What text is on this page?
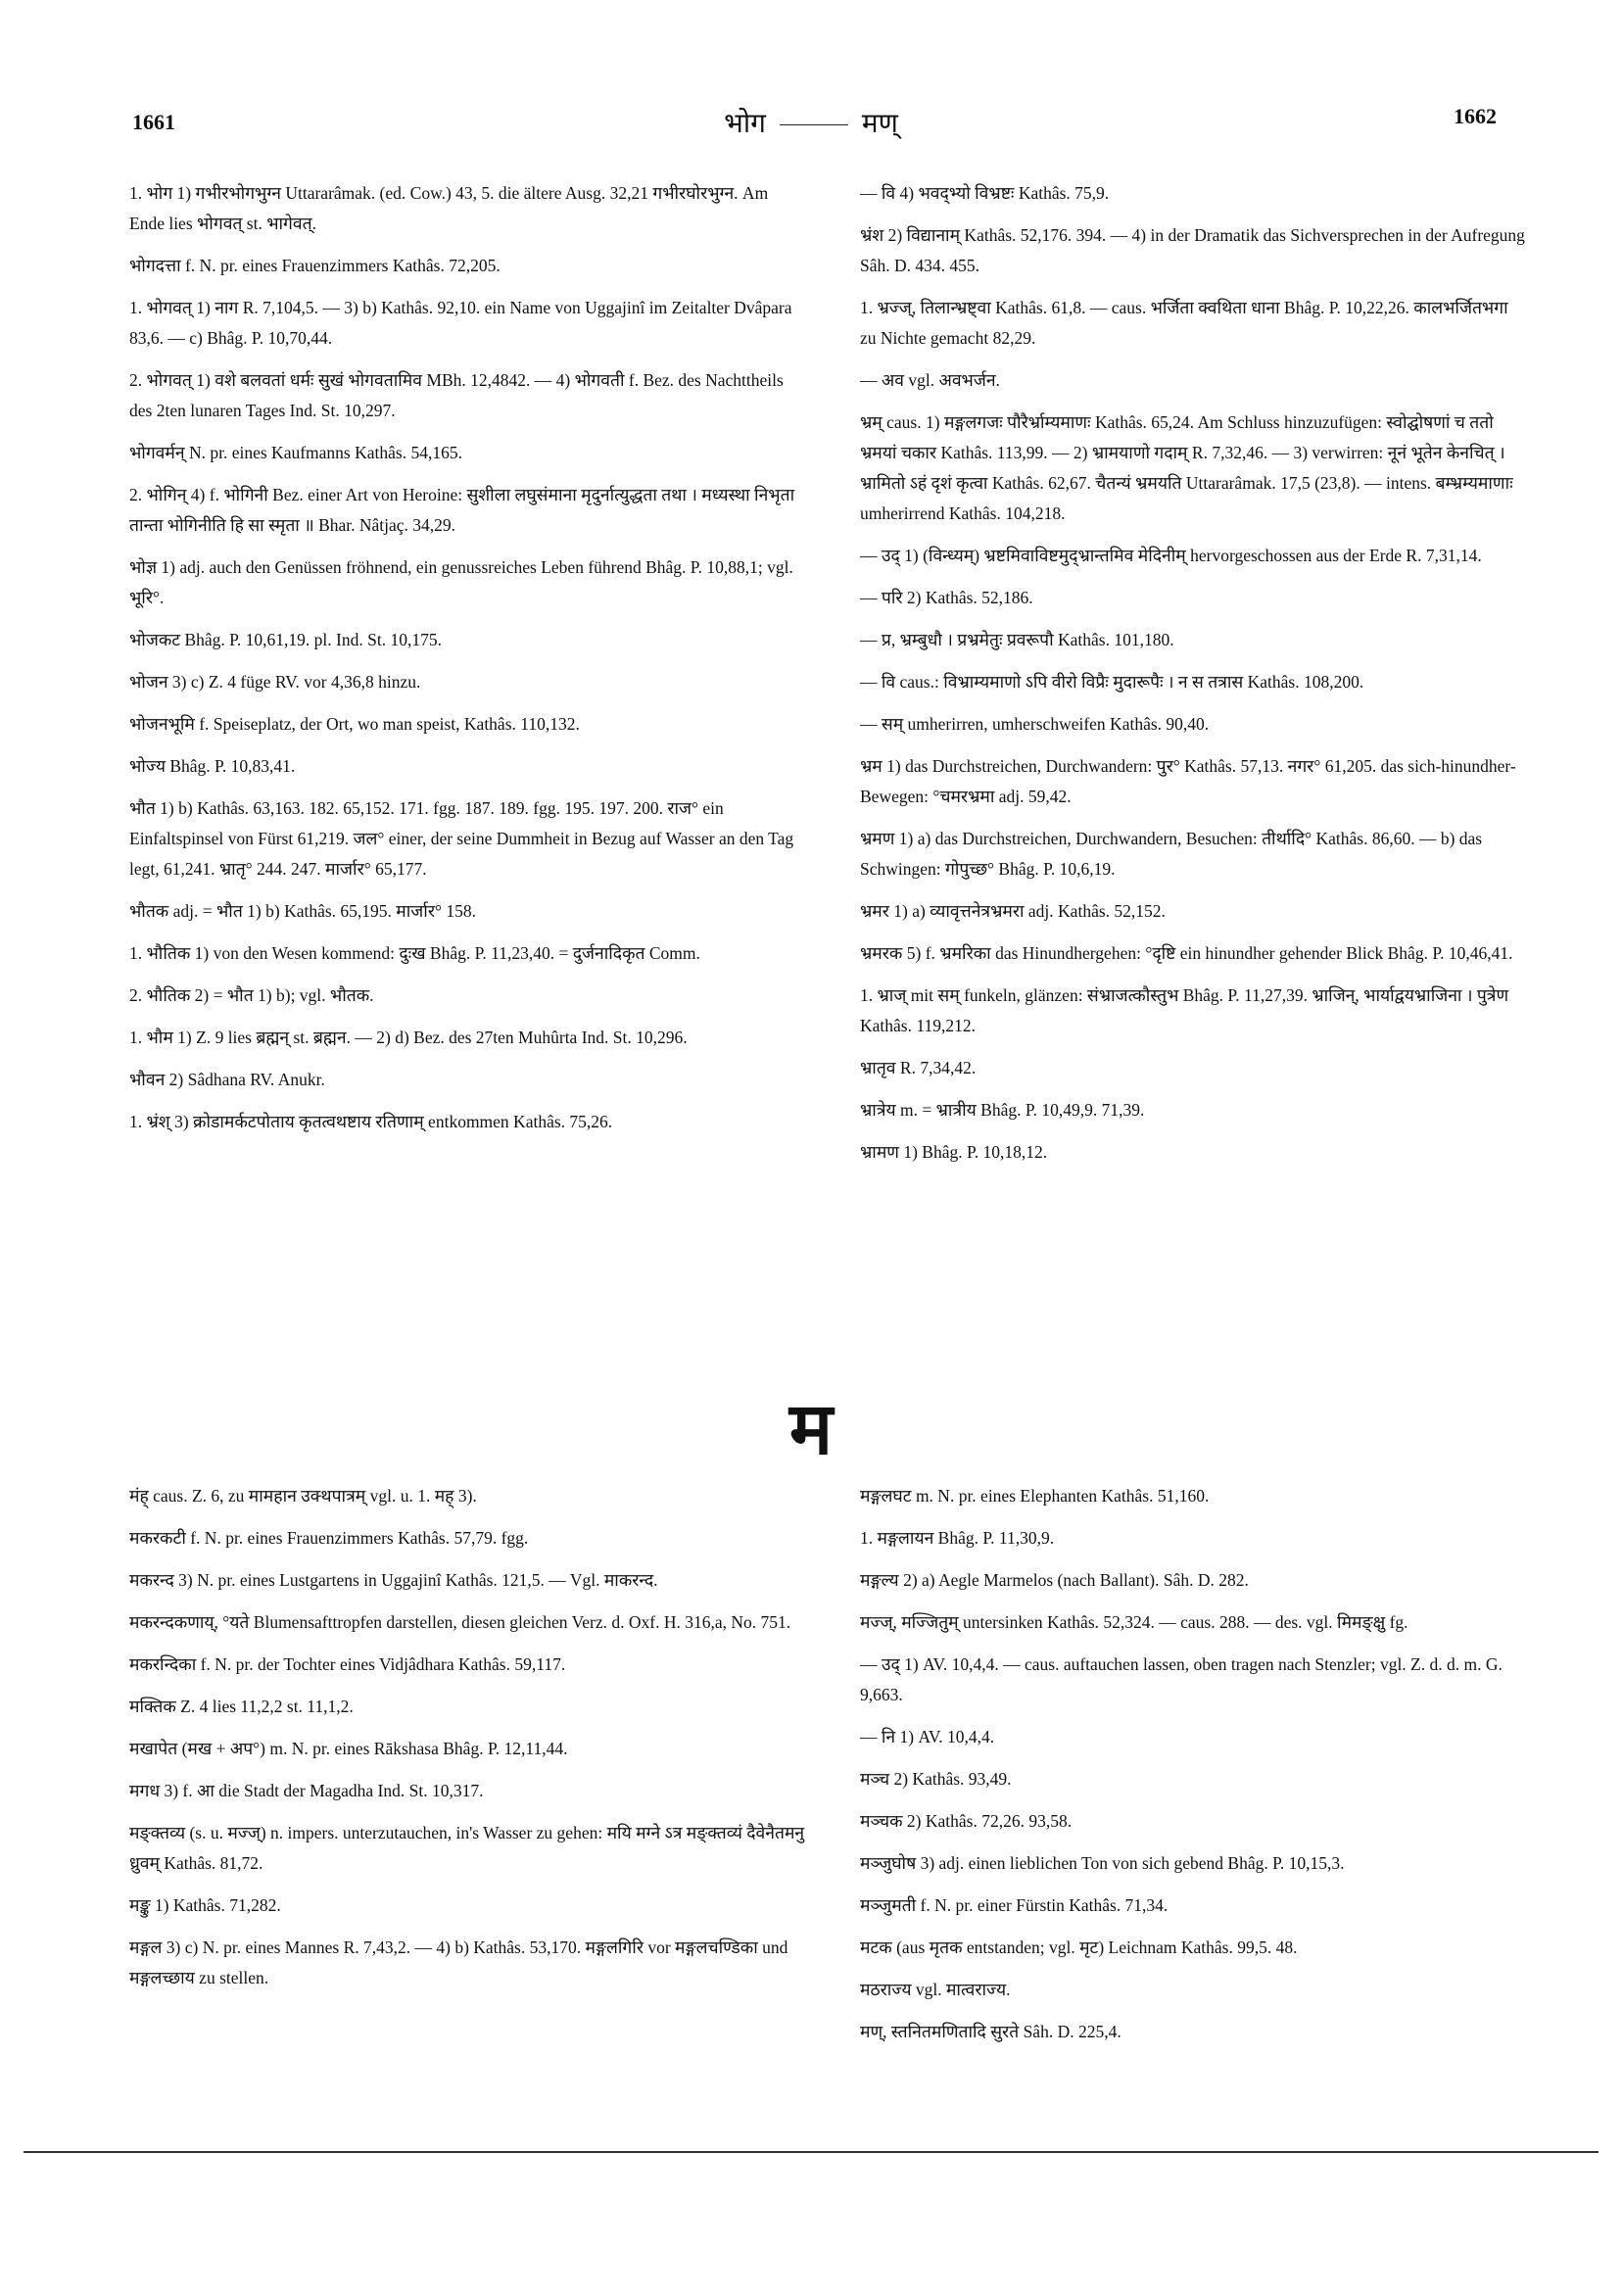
1661	भोग	मण्	1662

1. भोग 1) गभीरभोगभुग्न Uttararâmak. (ed. Cow.) 43, 5. die ältere Ausg. 32,21 गभीरघोरभुग्न. Am Ende lies भोगवत् st. भागेवत्.

भोगदत्ता f. N. pr. eines Frauenzimmers Kathâs. 72,205.

1. भोगवत् 1) नाग R. 7,104,5. — 3) b) Kathâs. 92,10. ein Name von Uggajinî im Zeitalter Dvâpara 83,6. — c) Bhâg. P. 10,70,44.

2. भोगवत् 1) वशे बलवतां धर्मः सुखं भोगवतामिव MBh. 12,4842. — 4) भोगवती f. Bez. des Nachttheils des 2ten lunaren Tages Ind. St. 10,297.

भोगवर्मन् N. pr. eines Kaufmanns Kathâs. 54,165.

2. भोगिन् 4) f. भोगिनी Bez. einer Art von Heroine: सुशीला लघुसंमाना मृदुर्नात्युद्धता तथा । मध्यस्था निभृता तान्ता भोगिनीति हि सा स्मृता ॥ Bhar. Nâtjaç. 34,29.

भोज्ञ 1) adj. auch den Genüssen fröhnend, ein genussreiches Leben führend Bhâg. P. 10,88,1; vgl. भूरि°.

भोजकट Bhâg. P. 10,61,19. pl. Ind. St. 10,175.

भोजन 3) c) Z. 4 füge RV. vor 4,36,8 hinzu.

भोजनभूमि f. Speiseplatz, der Ort, wo man speist, Kathâs. 110,132.

भोज्य Bhâg. P. 10,83,41.

भौत 1) b) Kathâs. 63,163. 182. 65,152. 171. fgg. 187. 189. fgg. 195. 197. 200. राज° ein Einfaltspinsel von Fürst 61,219. जल° einer, der seine Dummheit in Bezug auf Wasser an den Tag legt, 61,241. भ्रातृ° 244. 247. मार्जार° 65,177.

भौतक adj. = भौत 1) b) Kathâs. 65,195. मार्जार° 158.

1. भौतिक 1) von den Wesen kommend: दुःख Bhâg. P. 11,23,40. = दुर्जनादिकृत Comm.

2. भौतिक 2) = भौत 1) b); vgl. भौतक.

1. भौम 1) Z. 9 lies ब्रह्मन् st. ब्रह्मन. — 2) d) Bez. des 27ten Muhûrta Ind. St. 10,296.

भौवन 2) Sâdhana RV. Anukr.

1. भ्रंश् 3) क्रोडामर्कटपोताय कृतत्वथष्टाय रतिणाम् entkommen Kathâs. 75,26.

— वि 4) भवद्भ्यो विभ्रष्टः Kathâs. 75,9.

भ्रंश 2) विद्यानाम् Kathâs. 52,176. 394. — 4) in der Dramatik das Sichversprechen in der Aufregung Sâh. D. 434. 455.

1. भ्रज्ज्, तिलान्भ्रष्ट्वा Kathâs. 61,8. — caus. भर्जिता क्वथिता धाना Bhâg. P. 10,22,26. कालभर्जितभगा zu Nichte gemacht 82,29.

— अव vgl. अवभर्जन.

भ्रम् caus. 1) मङ्गलगजः पौरैर्भ्राम्यमाणः Kathâs. 65,24. Am Schluss hinzuzufügen: स्वोद्घोषणां च ततो भ्रमयां चकार Kathâs. 113,99. — 2) भ्रामयाणो गदाम् R. 7,32,46. — 3) verwirren: नूनं भूतेन केनचित् । भ्रामितो ऽहं दृशं कृत्वा Kathâs. 62,67. चैतन्यं भ्रमयति Uttararâmak. 17,5 (23,8). — intens. बम्भ्रम्यमाणाः umherirrend Kathâs. 104,218.

— उद् 1) (विन्ध्यम्) भ्रष्टमिवाविष्टमुद्भ्रान्तमिव मेदिनीम् hervorgeschossen aus der Erde R. 7,31,14.

— परि 2) Kathâs. 52,186.

— प्र, भ्रम्बुधौ । प्रभ्रमेतुः प्रवरूपौ Kathâs. 101,180.

— वि caus.: विभ्राम्यमाणो ऽपि वीरो विप्रैः मुदारूपैः । न स तत्रास Kathâs. 108,200.

— सम् umherirren, umherschweifen Kathâs. 90,40.

भ्रम 1) das Durchstreichen, Durchwandern: पुर° Kathâs. 57,13. नगर° 61,205. das sich-hinundher-Bewegen: °चमरभ्रमा adj. 59,42.

भ्रमण 1) a) das Durchstreichen, Durchwandern, Besuchen: तीर्थादि° Kathâs. 86,60. — b) das Schwingen: गोपुच्छ° Bhâg. P. 10,6,19.

भ्रमर 1) a) व्यावृत्तनेत्रभ्रमरा adj. Kathâs. 52,152.

भ्रमरक 5) f. भ्रमरिका das Hinundhergehen: °दृष्टि ein hinundher gehender Blick Bhâg. P. 10,46,41.

1. भ्राज् mit सम् funkeln, glänzen: संभ्राजत्कौस्तुभ Bhâg. P. 11,27,39. भ्राजिन्, भार्याद्वयभ्राजिना । पुत्रेण Kathâs. 119,212.

भ्रातृव R. 7,34,42.

भ्रात्रेय m. = भ्रात्रीय Bhâg. P. 10,49,9. 71,39.

भ्रामण 1) Bhâg. P. 10,18,12.

म

मंह् caus. Z. 6, zu मामहान उक्थपात्रम् vgl. u. 1. मह् 3).

मकरकटी f. N. pr. eines Frauenzimmers Kathâs. 57,79. fgg.

मकरन्द 3) N. pr. eines Lustgartens in Uggajinî Kathâs. 121,5. — Vgl. माकरन्द.

मकरन्दकणाय्, °यते Blumensafttropfen darstellen, diesen gleichen Verz. d. Oxf. H. 316,a, No. 751.

मकरन्दिका f. N. pr. der Tochter eines Vidjâdhara Kathâs. 59,117.

मक्तिक Z. 4 lies 11,2,2 st. 11,1,2.

मखापेत (मख + अप°) m. N. pr. eines Rākshasa Bhâg. P. 12,11,44.

मगध 3) f. आ die Stadt der Magadha Ind. St. 10,317.

मङ्क्तव्य (s. u. मज्ज्) n. impers. unterzutauchen, in's Wasser zu gehen: मयि मग्ने ऽत्र मङ्क्तव्यं दैवेनैतमनु ध्रुवम् Kathâs. 81,72.

मङ्कु 1) Kathâs. 71,282.

मङ्गल 3) c) N. pr. eines Mannes R. 7,43,2. — 4) b) Kathâs. 53,170. मङ्गलगिरि vor मङ्गलचण्डिका und मङ्गलच्छाय zu stellen.

मङ्गलघट m. N. pr. eines Elephanten Kathâs. 51,160.

1. मङ्गलायन Bhâg. P. 11,30,9.

मङ्गल्य 2) a) Aegle Marmelos (nach Ballant). Sâh. D. 282.

मज्ज्, मज्जितुम् untersinken Kathâs. 52,324. — caus. 288. — des. vgl. मिमङ्क्षु fg.

— उद् 1) AV. 10,4,4. — caus. auftauchen lassen, oben tragen nach Stenzler; vgl. Z. d. d. m. G. 9,663.

— नि 1) AV. 10,4,4.

मञ्च 2) Kathâs. 93,49.

मञ्चक 2) Kathâs. 72,26. 93,58.

मञ्जुघोष 3) adj. einen lieblichen Ton von sich gebend Bhâg. P. 10,15,3.

मञ्जुमती f. N. pr. einer Fürstin Kathâs. 71,34.

मटक (aus मृतक entstanden; vgl. मृट) Leichnam Kathâs. 99,5. 48.

मठराज्य vgl. मात्वराज्य.

मण्, स्तनितमणितादि सुरते Sâh. D. 225,4.
